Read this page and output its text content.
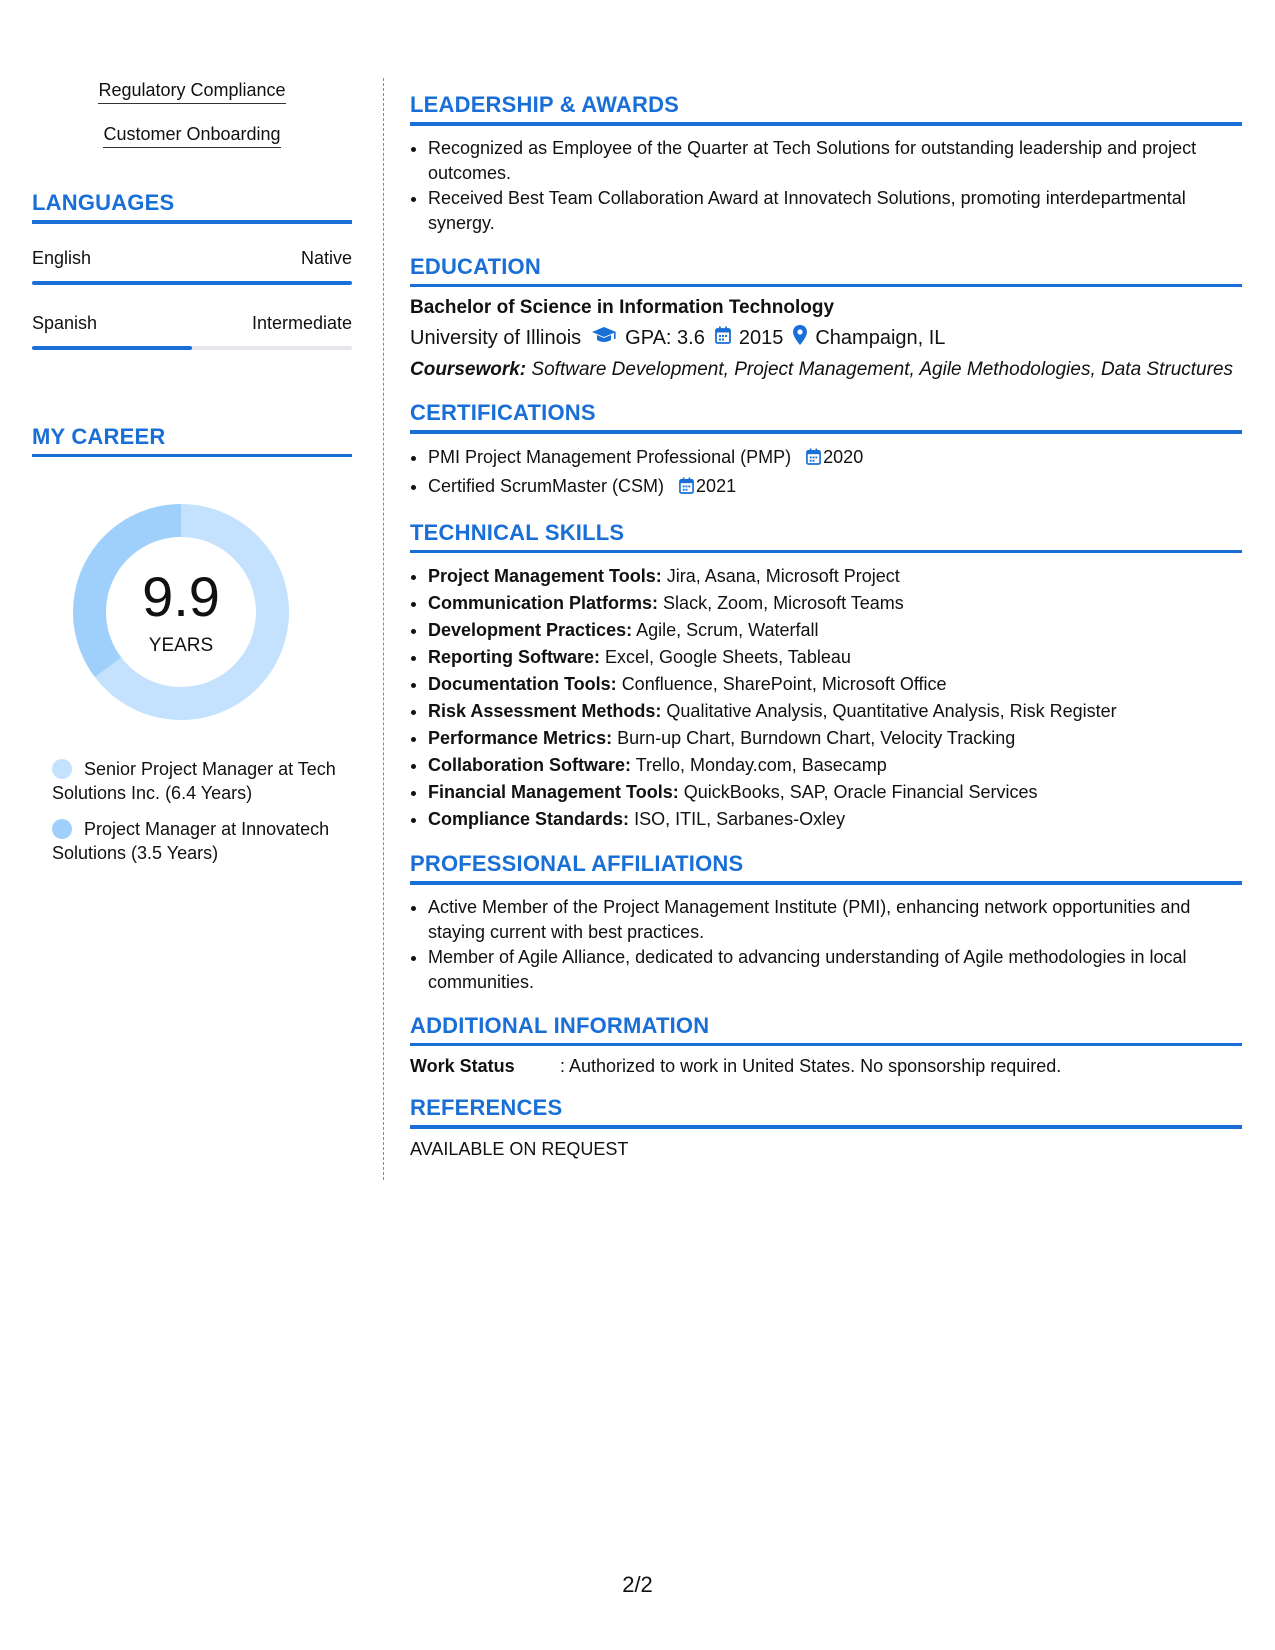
Regulatory Compliance
Customer Onboarding
LANGUAGES
English	Native
Spanish	Intermediate
MY CAREER
9.9
YEARS
Senior Project Manager at Tech Solutions Inc. (6.4 Years)
Project Manager at Innovatech Solutions (3.5 Years)
LEADERSHIP & AWARDS
• Recognized as Employee of the Quarter at Tech Solutions for outstanding leadership and project outcomes.
• Received Best Team Collaboration Award at Innovatech Solutions, promoting interdepartmental synergy.
EDUCATION
Bachelor of Science in Information Technology
University of Illinois GPA: 3.6 2015 Champaign, IL
Coursework: Software Development, Project Management, Agile Methodologies, Data Structures
CERTIFICATIONS
• PMI Project Management Professional (PMP) 2020
• Certified ScrumMaster (CSM) 2021
TECHNICAL SKILLS
• Project Management Tools: Jira, Asana, Microsoft Project
• Communication Platforms: Slack, Zoom, Microsoft Teams
• Development Practices: Agile, Scrum, Waterfall
• Reporting Software: Excel, Google Sheets, Tableau
• Documentation Tools: Confluence, SharePoint, Microsoft Office
• Risk Assessment Methods: Qualitative Analysis, Quantitative Analysis, Risk Register
• Performance Metrics: Burn-up Chart, Burndown Chart, Velocity Tracking
• Collaboration Software: Trello, Monday.com, Basecamp
• Financial Management Tools: QuickBooks, SAP, Oracle Financial Services
• Compliance Standards: ISO, ITIL, Sarbanes-Oxley
PROFESSIONAL AFFILIATIONS
• Active Member of the Project Management Institute (PMI), enhancing network opportunities and staying current with best practices.
• Member of Agile Alliance, dedicated to advancing understanding of Agile methodologies in local communities.
ADDITIONAL INFORMATION
Work Status	: Authorized to work in United States. No sponsorship required.
REFERENCES
AVAILABLE ON REQUEST
2/2
